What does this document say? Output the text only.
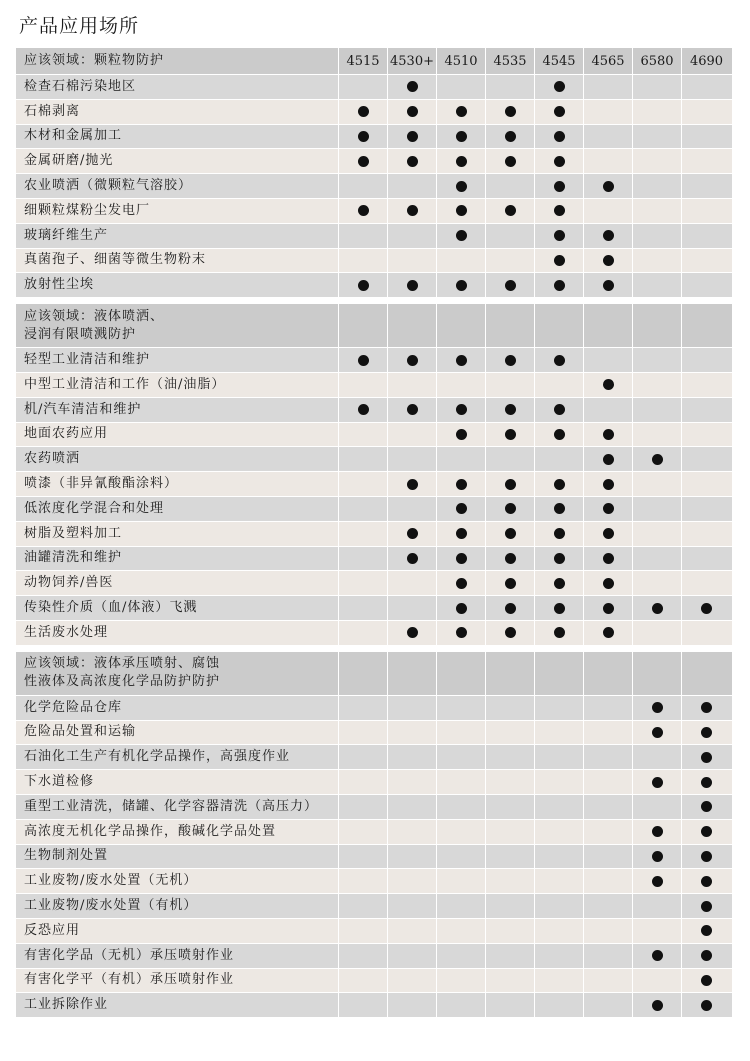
产品应用场所
应该领域：颗粒物防护	4515 4530+ 4510 4535 4545 4565 6580 4690
检查石棉污染地区
石棉剥离
木材和金属加工
金属研磨/抛光
农业喷洒（微颗粒气溶胶）
细颗粒煤粉尘发电厂
玻璃纤维生产
真菌孢子、细菌等微生物粉末
放射性尘埃
应该领域：液体喷洒、
浸润有限喷溅防护
轻型工业清洁和维护
中型工业清洁和工作（油/油脂）
机/汽车清洁和维护
地面农药应用
农药喷洒
喷漆（非异氰酸酯涂料）
低浓度化学混合和处理
树脂及塑料加工
油罐清洗和维护
动物饲养/兽医
传染性介质（血/体液）飞溅
生活废水处理
应该领域：液体承压喷射、腐蚀
性液体及高浓度化学品防护防护
化学危险品仓库
危险品处置和运输
石油化工生产有机化学品操作，高强度作业
下水道检修
重型工业清洗，储罐、化学容器清洗（高压力）
高浓度无机化学品操作，酸碱化学品处置
生物制剂处置
工业废物/废水处置（无机）
工业废物/废水处置（有机）
反恐应用
有害化学品（无机）承压喷射作业
有害化学平（有机）承压喷射作业
工业拆除作业
